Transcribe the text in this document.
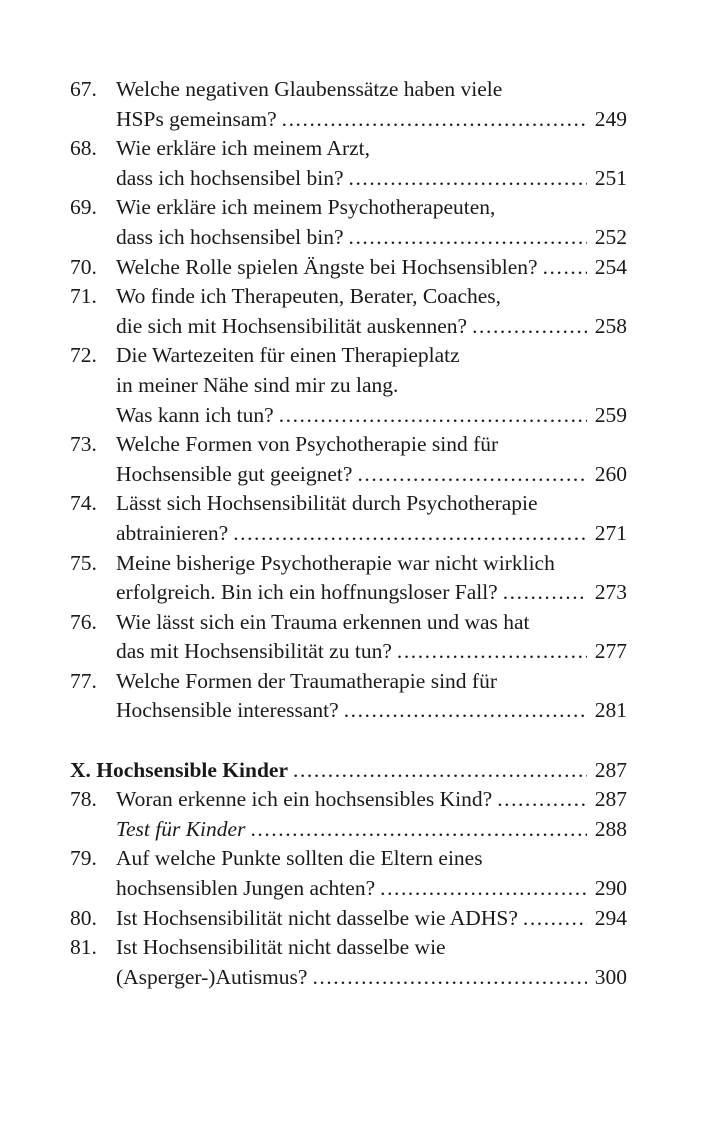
67. Welche negativen Glaubenssätze haben viele
HSPs gemeinsam? . . .	249
68. Wie erkläre ich meinem Arzt,
dass ich hochsensibel bin? . . .	251
69. Wie erkläre ich meinem Psychotherapeuten,
dass ich hochsensibel bin? . . .	252
70. Welche Rolle spielen Ängste bei Hochsensiblen? . . .	254
71. Wo finde ich Therapeuten, Berater, Coaches,
die sich mit Hochsensibilität auskennen? . . .	258
72. Die Wartezeiten für einen Therapieplatz
in meiner Nähe sind mir zu lang.
Was kann ich tun? . . .	259
73. Welche Formen von Psychotherapie sind für
Hochsensible gut geeignet? . . .	260
74. Lässt sich Hochsensibilität durch Psychotherapie
abtrainieren? . . .	271
75. Meine bisherige Psychotherapie war nicht wirklich
erfolgreich. Bin ich ein hoffnungsloser Fall? . . .	273
76. Wie lässt sich ein Trauma erkennen und was hat
das mit Hochsensibilität zu tun? . . .	277
77. Welche Formen der Traumatherapie sind für
Hochsensible interessant? . . .	281
X. Hochsensible Kinder . . .	287
78. Woran erkenne ich ein hochsensibles Kind? . . .	287
Test für Kinder . . .	288
79. Auf welche Punkte sollten die Eltern eines
hochsensiblen Jungen achten? . . .	290
80. Ist Hochsensibilität nicht dasselbe wie ADHS? . . .	294
81. Ist Hochsensibilität nicht dasselbe wie
(Asperger-)Autismus? . . .	300
